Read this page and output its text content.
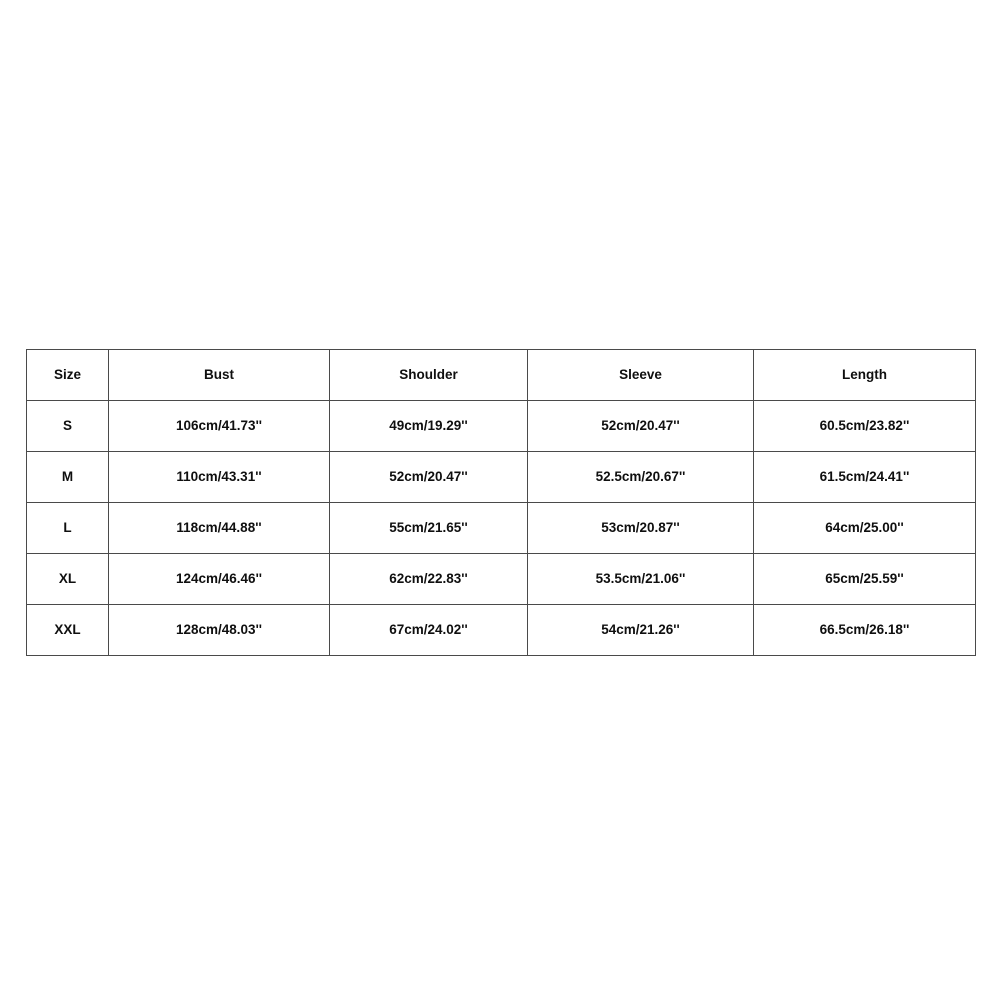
Size	Bust	Shoulder	Sleeve	Length
S	106cm/41.73''	49cm/19.29''	52cm/20.47''	60.5cm/23.82''
M	110cm/43.31''	52cm/20.47''	52.5cm/20.67''	61.5cm/24.41''
L	118cm/44.88''	55cm/21.65''	53cm/20.87''	64cm/25.00''
XL	124cm/46.46''	62cm/22.83''	53.5cm/21.06''	65cm/25.59''
XXL	128cm/48.03''	67cm/24.02''	54cm/21.26''	66.5cm/26.18''
